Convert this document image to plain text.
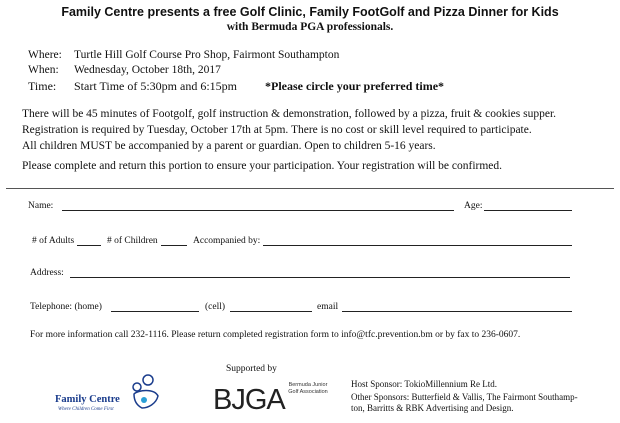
Family Centre presents a free Golf Clinic, Family FootGolf and Pizza Dinner for Kids
with Bermuda PGA professionals.
Where: Turtle Hill Golf Course Pro Shop, Fairmont Southampton
When: Wednesday, October 18th, 2017
Time: Start Time of 5:30pm and 6:15pm *Please circle your preferred time*
There will be 45 minutes of Footgolf, golf instruction & demonstration, followed by a pizza, fruit & cookies supper.
Registration is required by Tuesday, October 17th at 5pm. There is no cost or skill level required to participate.
All children MUST be accompanied by a parent or guardian. Open to children 5-16 years.
Please complete and return this portion to ensure your participation. Your registration will be confirmed.
Name:	Age:
# of Adults	# of Children	Accompanied by:
Address:
Telephone: (home)	(cell)	email
For more information call 232-1116. Please return completed registration form to info@tfc.prevention.bm or by fax to 236-0607.
Supported by
Family Centre
Where Children Come First	BJGA Bermuda Junior Golf Association
Host Sponsor: TokioMillennium Re Ltd.
Other Sponsors: Butterfield & Vallis, The Fairmont Southamp-
ton, Barritts & RBK Advertising and Design.
